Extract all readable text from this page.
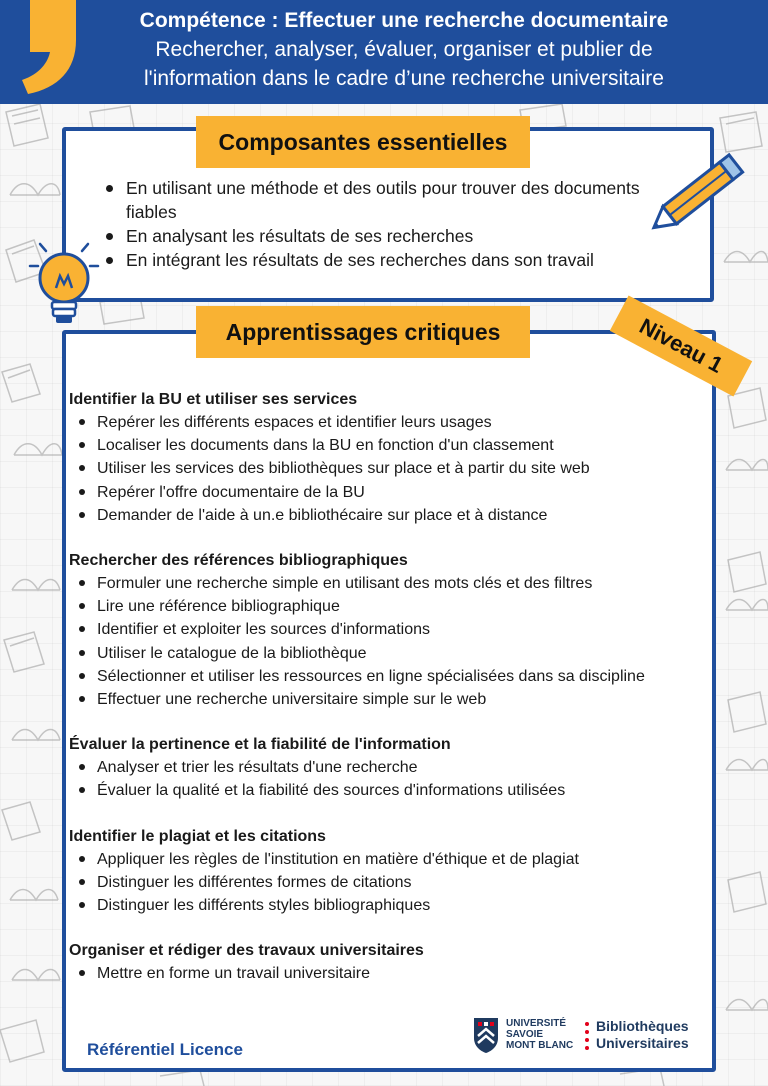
Compétence : Effectuer une recherche documentaire
Rechercher, analyser, évaluer, organiser et publier de
l'information dans le cadre d’une recherche universitaire
Composantes essentielles
En utilisant une méthode et des outils pour trouver des documents fiables
En analysant les résultats de ses recherches
En intégrant les résultats de ses recherches dans son travail
Apprentissages critiques	Niveau 1
Identifier la BU et utiliser ses services
Repérer les différents espaces et identifier leurs usages
Localiser les documents dans la BU en fonction d'un classement
Utiliser les services des bibliothèques sur place et à partir du site web
Repérer l'offre documentaire de la BU
Demander de l'aide à un.e bibliothécaire sur place et à distance
Rechercher des références bibliographiques
Formuler une recherche simple en utilisant des mots clés et des filtres
Lire une référence bibliographique
Identifier et exploiter les sources d'informations
Utiliser le catalogue de la bibliothèque
Sélectionner et utiliser les ressources en ligne spécialisées dans sa discipline
Effectuer une recherche universitaire simple sur le web
Évaluer la pertinence et la fiabilité de l'information
Analyser et trier les résultats d'une recherche
Évaluer la qualité et la fiabilité des sources d'informations utilisées
Identifier le plagiat et les citations
Appliquer les règles de l'institution en matière d'éthique et de plagiat
Distinguer les différentes formes de citations
Distinguer les différents styles bibliographiques
Organiser et rédiger des travaux universitaires
Mettre en forme un travail universitaire
Référentiel Licence
UNIVERSITÉ
SAVOIE
MONT BLANC
Bibliothèques
Universitaires
